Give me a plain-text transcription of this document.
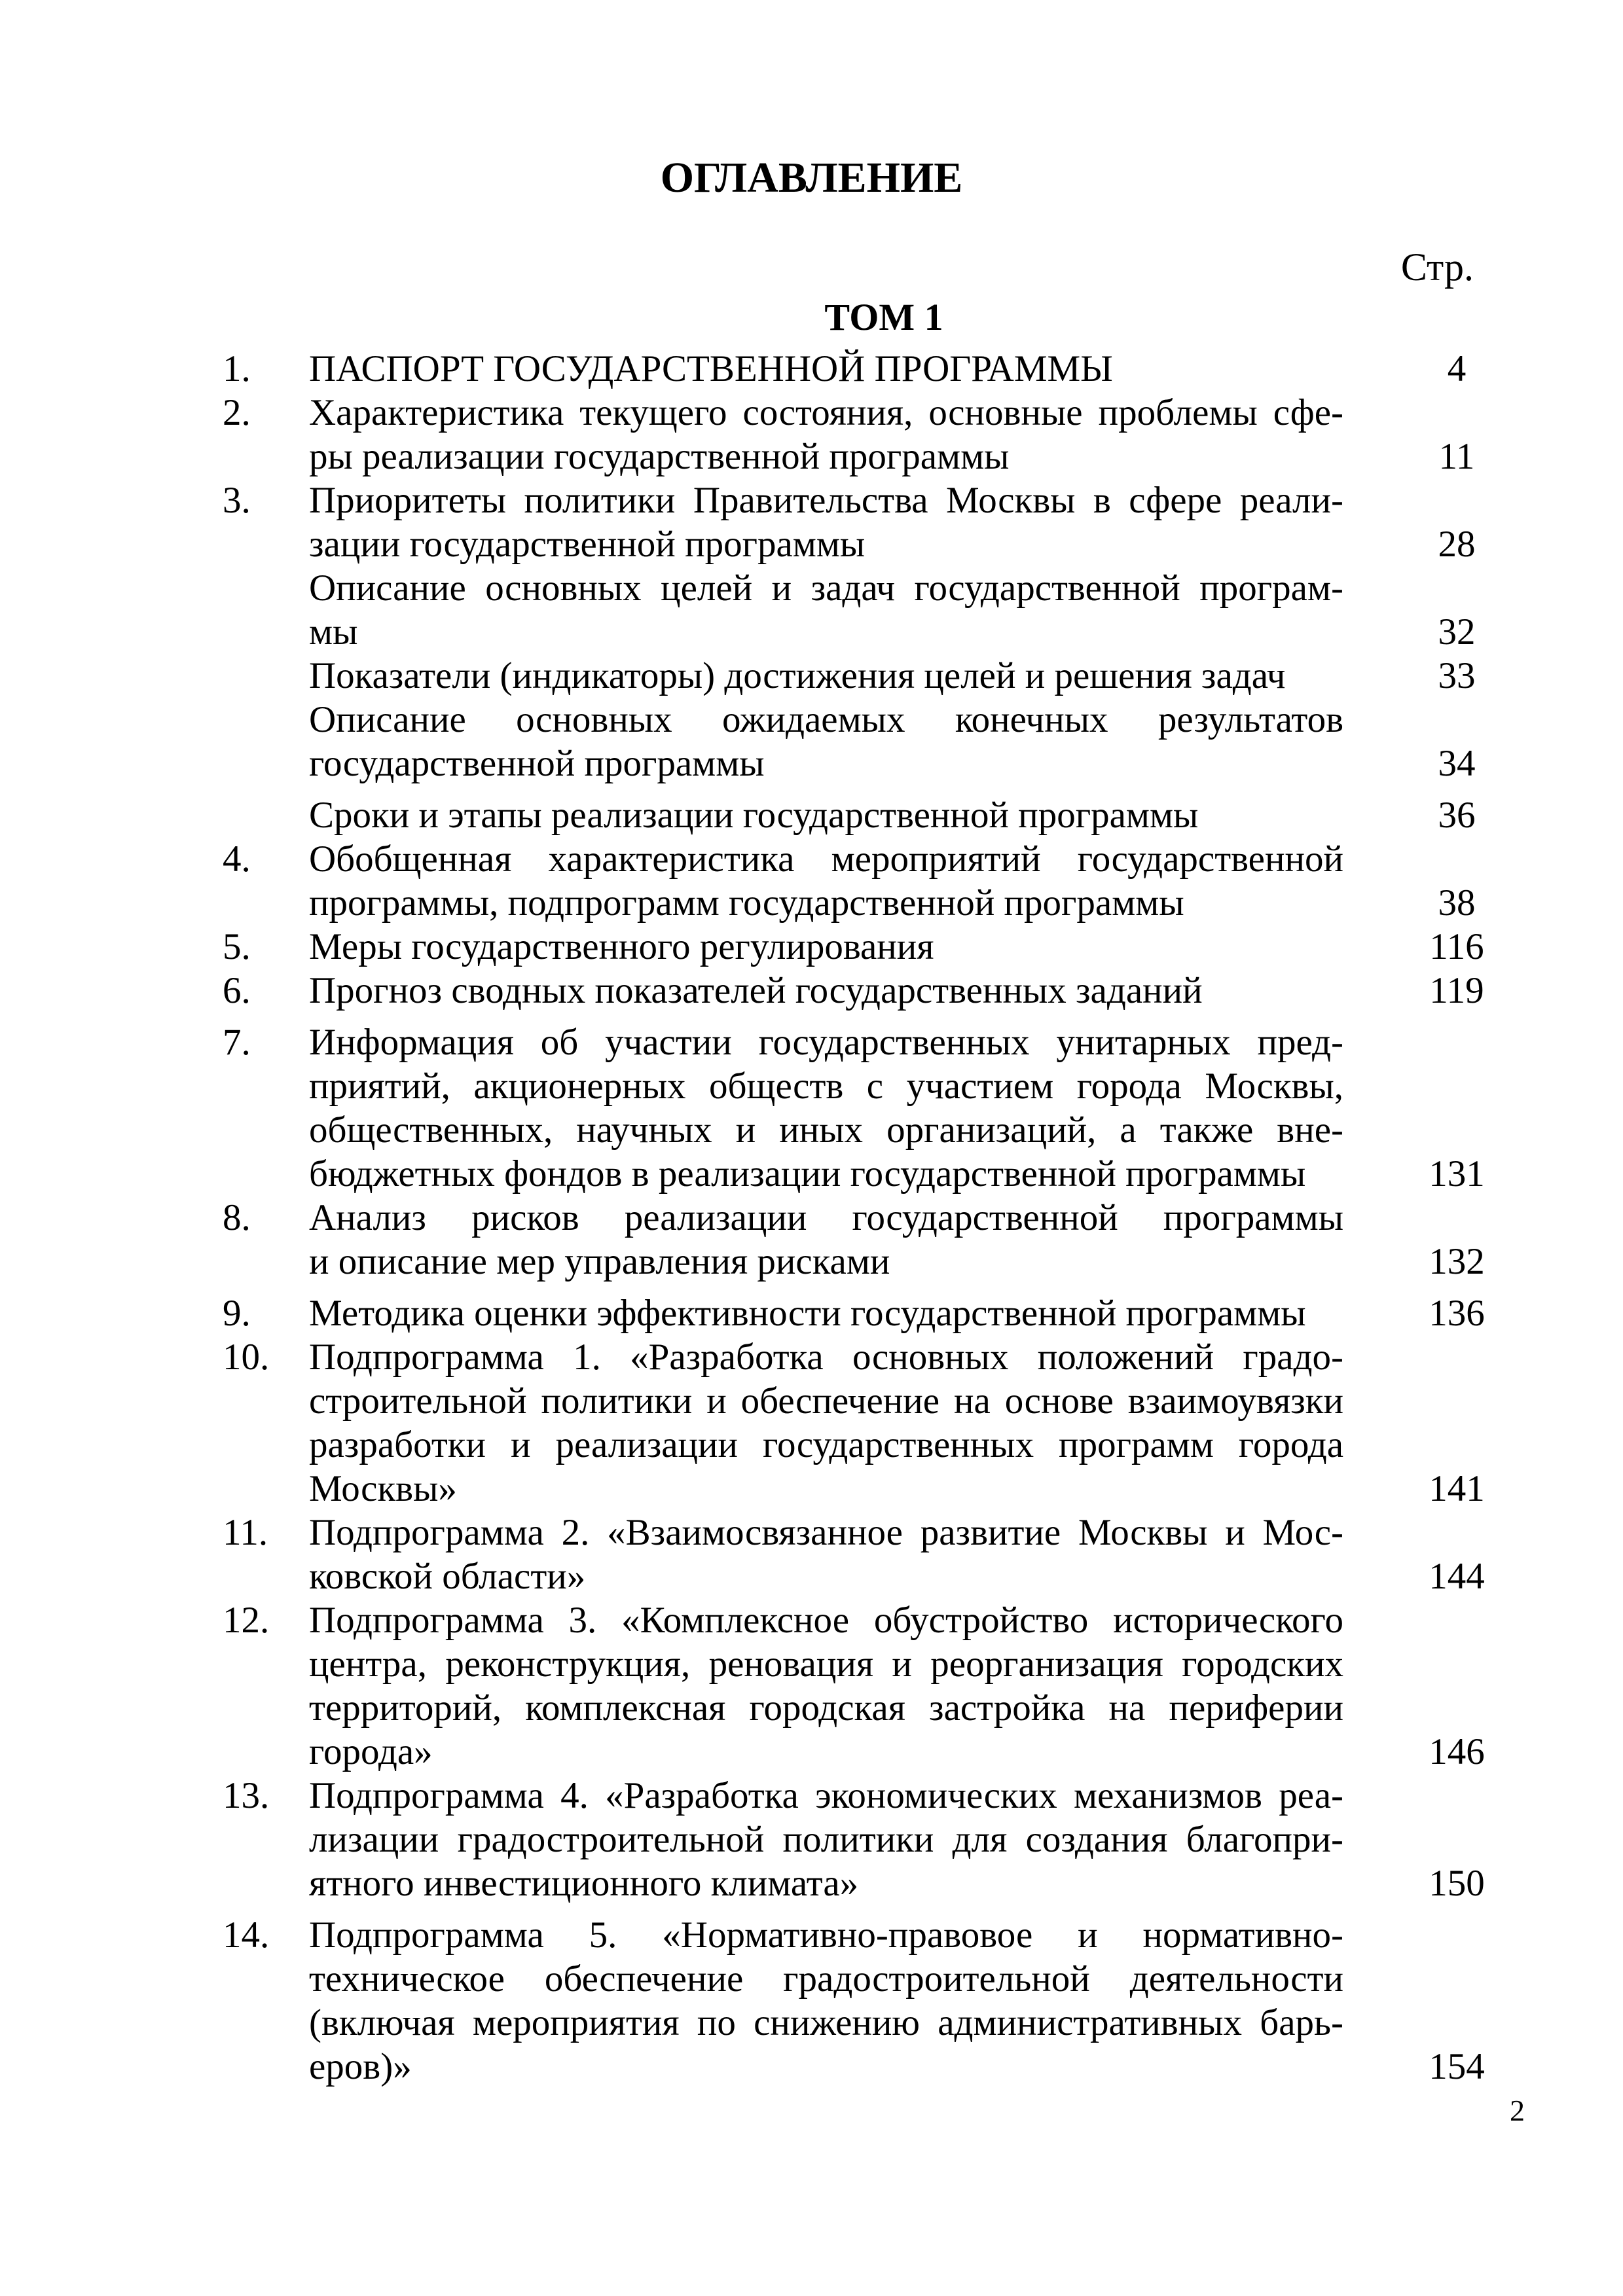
ОГЛАВЛЕНИЕ
Стр.
ТОМ 1
1. ПАСПОРТ ГОСУДАРСТВЕННОЙ ПРОГРАММЫ	4
2. Характеристика текущего состояния, основные проблемы сфе-
ры реализации государственной программы	11
3. Приоритеты политики Правительства Москвы в сфере реали-
зации государственной программы	28
Описание основных целей и задач государственной програм-
мы	32
Показатели (индикаторы) достижения целей и решения задач	33
Описание основных ожидаемых конечных результатов
государственной программы	34
Сроки и этапы реализации государственной программы	36
4. Обобщенная характеристика мероприятий государственной
программы, подпрограмм государственной программы	38
5. Меры государственного регулирования	116
6. Прогноз сводных показателей государственных заданий	119
7. Информация об участии государственных унитарных пред-
приятий, акционерных обществ с участием города Москвы,
общественных, научных и иных организаций, а также вне-
бюджетных фондов в реализации государственной программы	131
8. Анализ рисков реализации государственной программы
и описание мер управления рисками	132
9. Методика оценки эффективности государственной программы	136
10. Подпрограмма 1. «Разработка основных положений градо-
строительной политики и обеспечение на основе взаимоувязки
разработки и реализации государственных программ города
Москвы»	141
11. Подпрограмма 2. «Взаимосвязанное развитие Москвы и Мос-
ковской области»	144
12. Подпрограмма 3. «Комплексное обустройство исторического
центра, реконструкция, реновация и реорганизация городских
территорий, комплексная городская застройка на периферии
города»	146
13. Подпрограмма 4. «Разработка экономических механизмов реа-
лизации градостроительной политики для создания благопри-
ятного инвестиционного климата»	150
14. Подпрограмма 5. «Нормативно-правовое и нормативно-
техническое обеспечение градостроительной деятельности
(включая мероприятия по снижению административных барь-
еров)»	154
2
